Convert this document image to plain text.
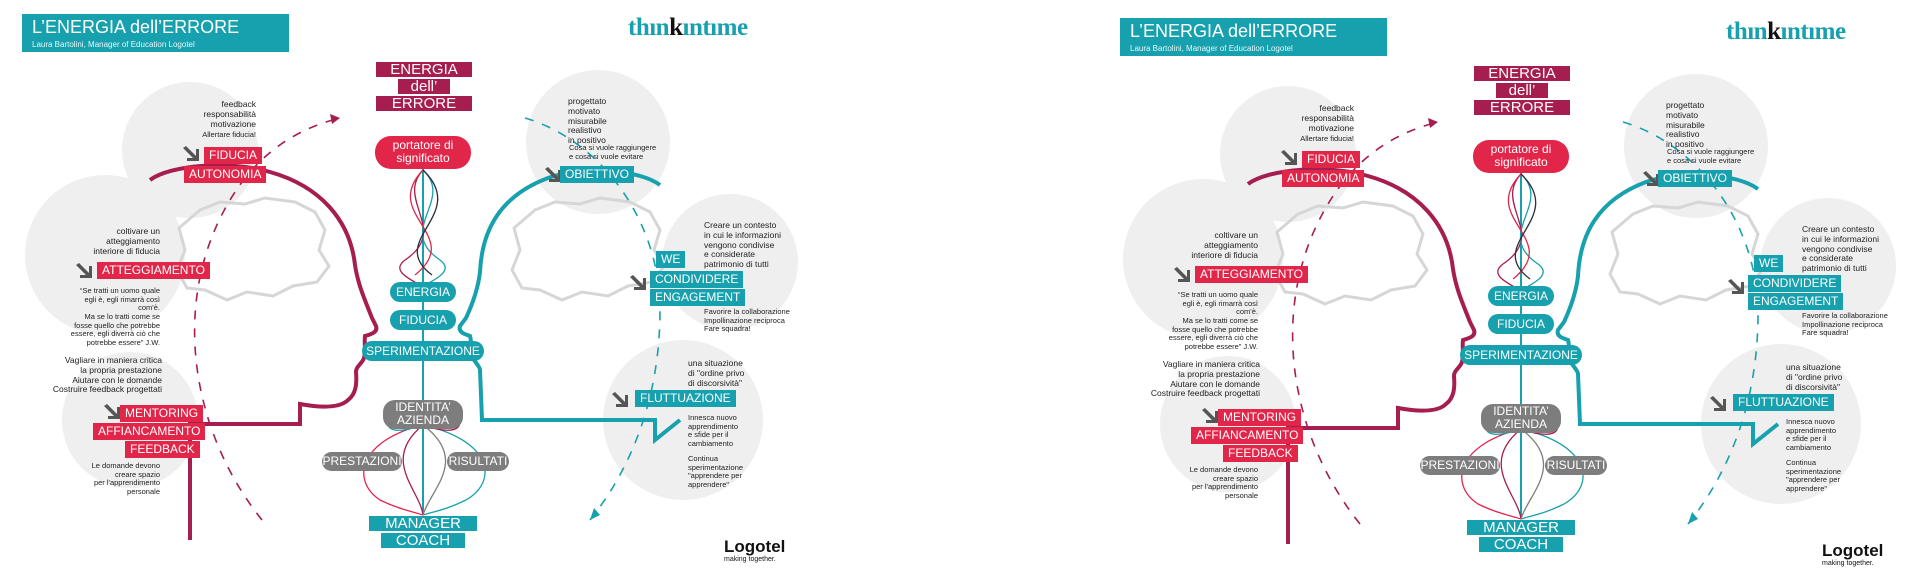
L’ENERGIA dell’ERRORE
Laura Bartolini, Manager of Education Logotel
thınkıntıme
ENERGIA
dell’
ERRORE
portatore di
significato
ENERGIA
FIDUCIA
SPERIMENTAZIONE
IDENTITA’
AZIENDA
PRESTAZIONI	RISULTATI
MANAGER
COACH
feedback
responsabilità
motivazione
Allertare fiducia!
FIDUCIA
AUTONOMIA
coltivare un
atteggiamento
interiore di fiducia
ATTEGGIAMENTO
“Se tratti un uomo quale
egli è, egli rimarrà così
com'è.
Ma se lo tratti come se
fosse quello che potrebbe
essere, egli diverrà ciò che
potrebbe essere” J.W.
Vagliare in maniera critica
la propria prestazione
Aiutare con le domande
Costruire feedback progettati
MENTORING
AFFIANCAMENTO
FEEDBACK
Le domande devono
creare spazio
per l'apprendimento
personale
progettato
motivato
misurabile
realistivo
in positivo
Cosa si vuole raggiungere
e cosa si vuole evitare
OBIETTIVO
Creare un contesto
in cui le informazioni
vengono condivise
e considerate
patrimonio di tutti
WE
CONDIVIDERE
ENGAGEMENT
Favorire la collaborazione
Impollinazione reciproca
Fare squadra!
una situazione
di "ordine privo
di discorsività"
FLUTTUAZIONE
Innesca nuovo
apprendimento
e sfide per il
cambiamento
Continua
sperimentazione
"apprendere per
apprendere"
Logotel
making together.
L’ENERGIA dell’ERRORE
Laura Bartolini, Manager of Education Logotel
thınkıntıme
ENERGIA
dell’
ERRORE
portatore di
significato
ENERGIA
FIDUCIA
SPERIMENTAZIONE
IDENTITA’
AZIENDA
PRESTAZIONI	RISULTATI
MANAGER
COACH
feedback
responsabilità
motivazione
Allertare fiducia!
FIDUCIA
AUTONOMIA
coltivare un
atteggiamento
interiore di fiducia
ATTEGGIAMENTO
“Se tratti un uomo quale
egli è, egli rimarrà così
com'è.
Ma se lo tratti come se
fosse quello che potrebbe
essere, egli diverrà ciò che
potrebbe essere” J.W.
Vagliare in maniera critica
la propria prestazione
Aiutare con le domande
Costruire feedback progettati
MENTORING
AFFIANCAMENTO
FEEDBACK
Le domande devono
creare spazio
per l'apprendimento
personale
progettato
motivato
misurabile
realistivo
in positivo
Cosa si vuole raggiungere
e cosa si vuole evitare
OBIETTIVO
Creare un contesto
in cui le informazioni
vengono condivise
e considerate
patrimonio di tutti
WE
CONDIVIDERE
ENGAGEMENT
Favorire la collaborazione
Impollinazione reciproca
Fare squadra!
una situazione
di "ordine privo
di discorsività"
FLUTTUAZIONE
Innesca nuovo
apprendimento
e sfide per il
cambiamento
Continua
sperimentazione
"apprendere per
apprendere"
Logotel
making together.
